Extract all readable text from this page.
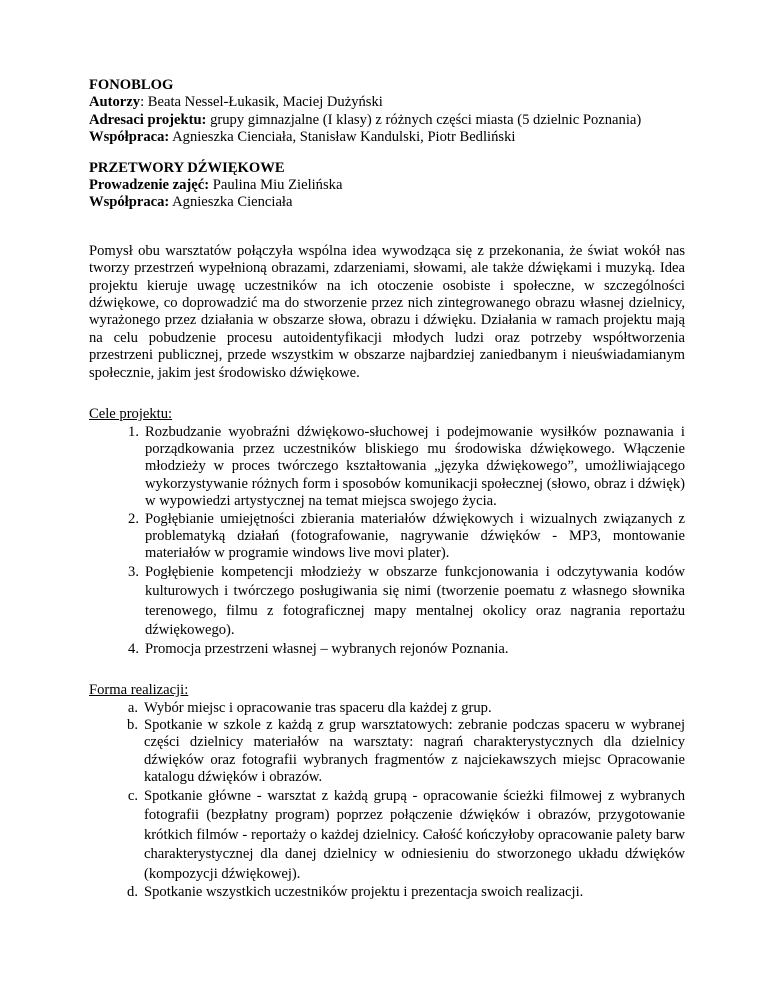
FONOBLOG

Autorzy: Beata Nessel-Łukasik, Maciej Dużyński

Adresaci projektu: grupy gimnazjalne (I klasy) z różnych części miasta (5 dzielnic Poznania)

Współpraca: Agnieszka Cienciała, Stanisław Kandulski, Piotr Bedliński

PRZETWORY DŹWIĘKOWE

Prowadzenie zajęć: Paulina Miu Zielińska

Współpraca: Agnieszka Cienciała

Pomysł obu warsztatów połączyła wspólna idea wywodząca się z przekonania, że świat wokół nas tworzy przestrzeń wypełnioną obrazami, zdarzeniami, słowami, ale także dźwiękami i muzyką. Idea projektu kieruje uwagę uczestników na ich otoczenie osobiste i społeczne, w szczególności dźwiękowe, co doprowadzić ma do stworzenie przez nich zintegrowanego obrazu własnej dzielnicy, wyrażonego przez działania w obszarze słowa, obrazu i dźwięku. Działania w ramach projektu mają na celu pobudzenie procesu autoidentyfikacji młodych ludzi oraz potrzeby współtworzenia przestrzeni publicznej, przede wszystkim w obszarze najbardziej zaniedbanym i nieuświadamianym społecznie, jakim jest środowisko dźwiękowe.

Cele projektu:

1. Rozbudzanie wyobraźni dźwiękowo-słuchowej i podejmowanie wysiłków poznawania i porządkowania przez uczestników bliskiego mu środowiska dźwiękowego. Włączenie młodzieży w proces twórczego kształtowania „języka dźwiękowego”, umożliwiającego wykorzystywanie różnych form i sposobów komunikacji społecznej (słowo, obraz i dźwięk) w wypowiedzi artystycznej na temat miejsca swojego życia.
2. Pogłębianie umiejętności zbierania materiałów dźwiękowych i wizualnych związanych z problematyką działań (fotografowanie, nagrywanie dźwięków - MP3, montowanie materiałów w programie windows live movi plater).
3. Pogłębienie kompetencji młodzieży w obszarze funkcjonowania i odczytywania kodów kulturowych i twórczego posługiwania się nimi (tworzenie poematu z własnego słownika terenowego, filmu z fotograficznej mapy mentalnej okolicy oraz nagrania reportażu dźwiękowego).
4. Promocja przestrzeni własnej – wybranych rejonów Poznania.

Forma realizacji:

a. Wybór miejsc i opracowanie tras spaceru dla każdej z grup.
b. Spotkanie w szkole z każdą z grup warsztatowych: zebranie podczas spaceru w wybranej części dzielnicy materiałów na warsztaty: nagrań charakterystycznych dla dzielnicy dźwięków oraz fotografii wybranych fragmentów z najciekawszych miejsc Opracowanie katalogu dźwięków i obrazów.
c. Spotkanie główne - warsztat z każdą grupą - opracowanie ścieżki filmowej z wybranych fotografii (bezpłatny program) poprzez połączenie dźwięków i obrazów, przygotowanie krótkich filmów - reportaży o każdej dzielnicy. Całość kończyłoby opracowanie palety barw charakterystycznej dla danej dzielnicy w odniesieniu do stworzonego układu dźwięków (kompozycji dźwiękowej).
d. Spotkanie wszystkich uczestników projektu i prezentacja swoich realizacji.
